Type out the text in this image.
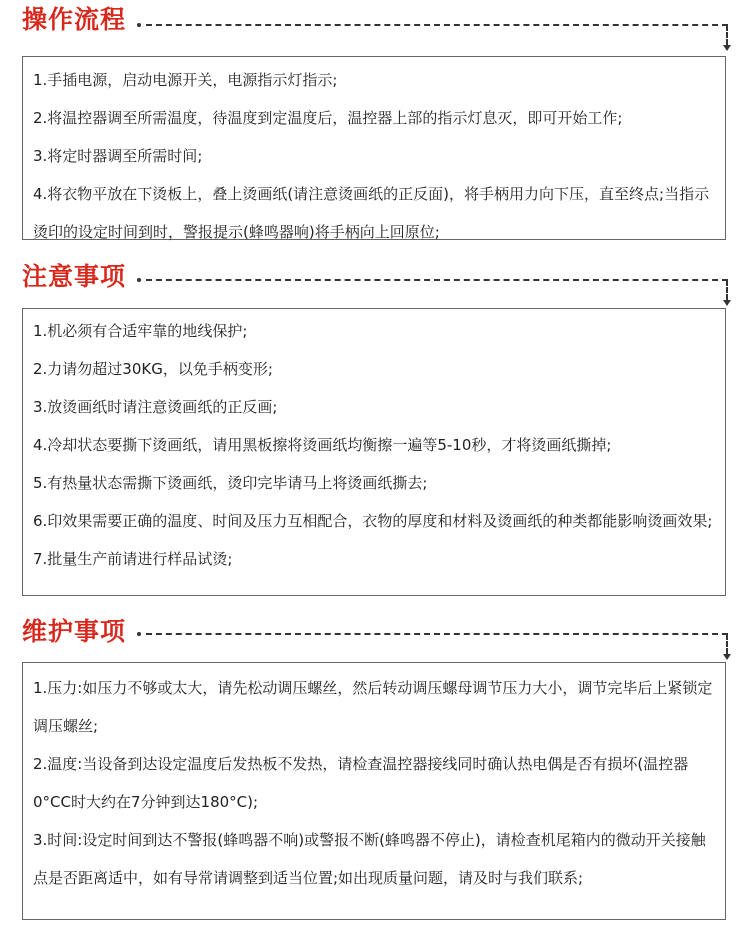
操作流程

1.手插电源，启动电源开关，电源指示灯指示;

2.将温控器调至所需温度，待温度到定温度后，温控器上部的指示灯息灭，即可开始工作;

3.将定时器调至所需时间;

4.将衣物平放在下烫板上，叠上烫画纸(请注意烫画纸的正反面)，将手柄用力向下压，直至终点;当指示烫印的设定时间到时，警报提示(蜂鸣器响)将手柄向上回原位;

注意事项

1.机必须有合适牢靠的地线保护;

2.力请勿超过30KG，以免手柄变形;

3.放烫画纸时请注意烫画纸的正反画;

4.冷却状态要撕下烫画纸，请用黑板擦将烫画纸均衡擦一遍等5-10秒，才将烫画纸撕掉;

5.有热量状态需撕下烫画纸，烫印完毕请马上将烫画纸撕去;

6.印效果需要正确的温度、时间及压力互相配合，衣物的厚度和材料及烫画纸的种类都能影响烫画效果;

7.批量生产前请进行样品试烫;

维护事项

1.压力:如压力不够或太大，请先松动调压螺丝，然后转动调压螺母调节压力大小，调节完毕后上紧锁定调压螺丝;

2.温度:当设备到达设定温度后发热板不发热，请检查温控器接线同时确认热电偶是否有损坏(温控器0°CC时大约在7分钟到达180°C);

3.时间:设定时间到达不警报(蜂鸣器不响)或警报不断(蜂鸣器不停止)，请检查机尾箱内的微动开关接触点是否距离适中，如有导常请调整到适当位置;如出现质量问题，请及时与我们联系;
